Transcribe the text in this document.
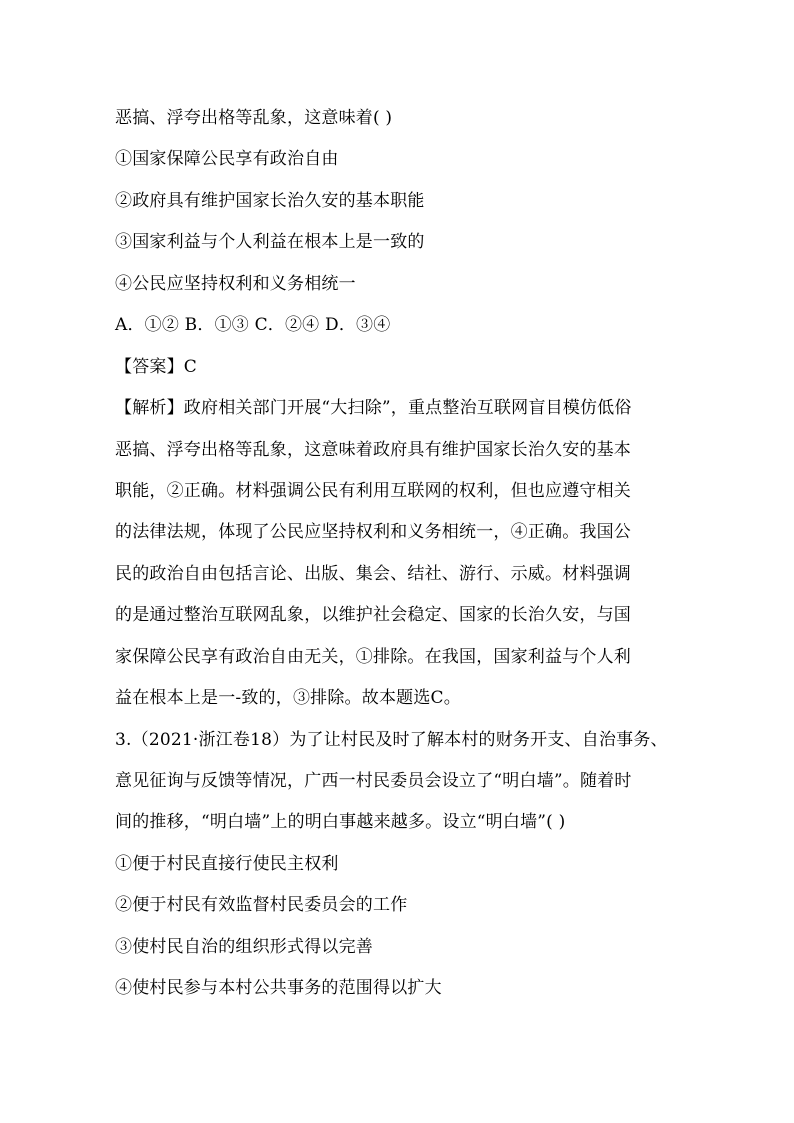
恶搞、浮夸出格等乱象，这意味着( )
①国家保障公民享有政治自由
②政府具有维护国家长治久安的基本职能
③国家利益与个人利益在根本上是一致的
④公民应坚持权利和义务相统一
A．①② B．①③ C．②④ D．③④
【答案】C
【解析】政府相关部门开展“大扫除”，重点整治互联网盲目模仿低俗
恶搞、浮夸出格等乱象，这意味着政府具有维护国家长治久安的基本
职能，②正确。材料强调公民有利用互联网的权利，但也应遵守相关
的法律法规，体现了公民应坚持权利和义务相统一，④正确。我国公
民的政治自由包括言论、出版、集会、结社、游行、示威。材料强调
的是通过整治互联网乱象，以维护社会稳定、国家的长治久安，与国
家保障公民享有政治自由无关，①排除。在我国，国家利益与个人利
益在根本上是一-致的，③排除。故本题选C。
3.（2021·浙江卷18）为了让村民及时了解本村的财务开支、自治事务、
意见征询与反馈等情况，广西一村民委员会设立了“明白墙”。随着时
间的推移，“明白墙”上的明白事越来越多。设立“明白墙”( )
①便于村民直接行使民主权利
②便于村民有效监督村民委员会的工作
③使村民自治的组织形式得以完善
④使村民参与本村公共事务的范围得以扩大
